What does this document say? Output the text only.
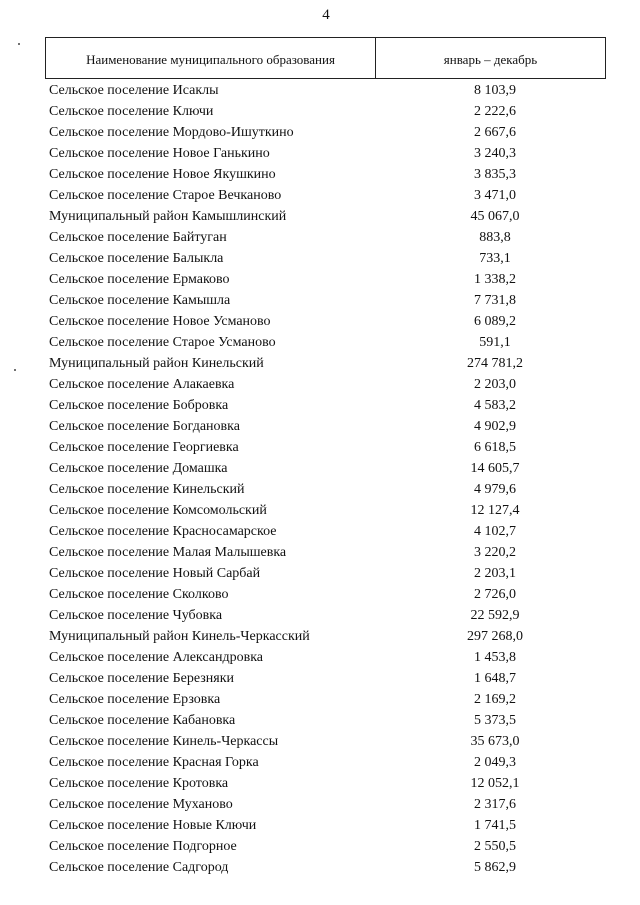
4
Наименование муниципального образования	январь – декабрь
Сельское поселение Исаклы	8 103,9
Сельское поселение Ключи	2 222,6
Сельское поселение Мордово-Ишуткино	2 667,6
Сельское поселение Новое Ганькино	3 240,3
Сельское поселение Новое Якушкино	3 835,3
Сельское поселение Старое Вечканово	3 471,0
Муниципальный район Камышлинский	45 067,0
Сельское поселение Байтуган	883,8
Сельское поселение Балыкла	733,1
Сельское поселение Ермаково	1 338,2
Сельское поселение Камышла	7 731,8
Сельское поселение Новое Усманово	6 089,2
Сельское поселение Старое Усманово	591,1
Муниципальный район Кинельский	274 781,2
Сельское поселение Алакаевка	2 203,0
Сельское поселение Бобровка	4 583,2
Сельское поселение Богдановка	4 902,9
Сельское поселение Георгиевка	6 618,5
Сельское поселение Домашка	14 605,7
Сельское поселение Кинельский	4 979,6
Сельское поселение Комсомольский	12 127,4
Сельское поселение Красносамарское	4 102,7
Сельское поселение Малая Малышевка	3 220,2
Сельское поселение Новый Сарбай	2 203,1
Сельское поселение Сколково	2 726,0
Сельское поселение Чубовка	22 592,9
Муниципальный район Кинель-Черкасский	297 268,0
Сельское поселение Александровка	1 453,8
Сельское поселение Березняки	1 648,7
Сельское поселение Ерзовка	2 169,2
Сельское поселение Кабановка	5 373,5
Сельское поселение Кинель-Черкассы	35 673,0
Сельское поселение Красная Горка	2 049,3
Сельское поселение Кротовка	12 052,1
Сельское поселение Муханово	2 317,6
Сельское поселение Новые Ключи	1 741,5
Сельское поселение Подгорное	2 550,5
Сельское поселение Садгород	5 862,9
